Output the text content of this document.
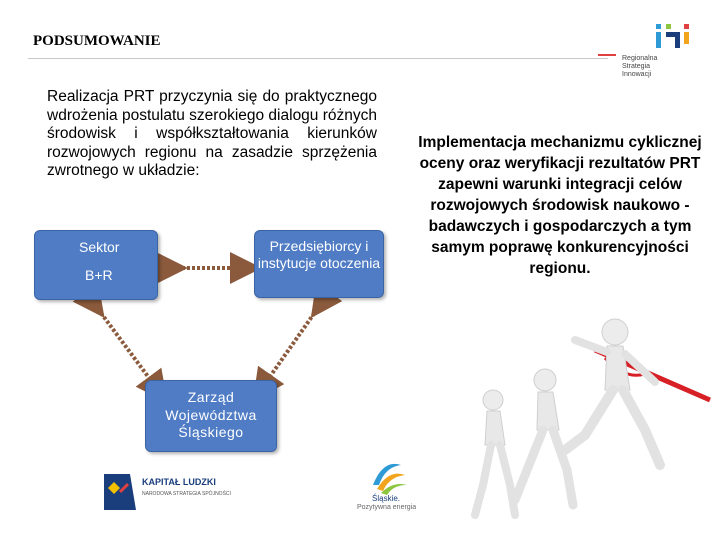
PODSUMOWANIE
Regionalna Strategia Innowacji
Realizacja PRT przyczynia się do praktycznego wdrożenia postulatu szerokiego dialogu różnych środowisk i współkształtowania kierunków rozwojowych regionu na zasadzie sprzężenia zwrotnego w układzie:
Sektor
B+R
Przedsiębiorcy i instytucje otoczenia
Zarząd Województwa Śląskiego
Implementacja mechanizmu cyklicznej oceny oraz weryfikacji rezultatów PRT zapewni warunki integracji celów rozwojowych środowisk naukowo - badawczych i gospodarczych a tym samym poprawę konkurencyjności regionu.
KAPITAŁ LUDZKI
NARODOWA STRATEGIA SPÓJNOŚCI	Śląskie.
Pozytywna energia
